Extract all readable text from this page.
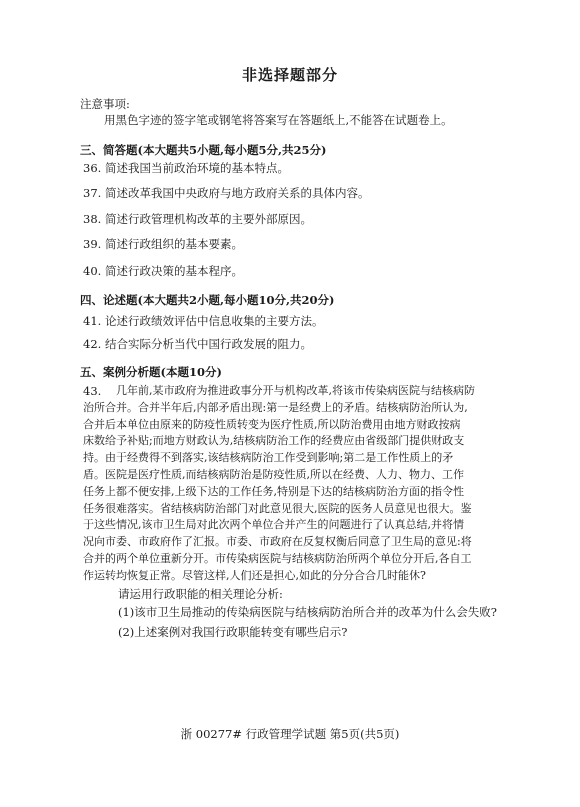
非选择题部分
注意事项:
用黑色字迹的签字笔或钢笔将答案写在答题纸上,不能答在试题卷上。
三、简答题(本大题共5小题,每小题5分,共25分)
36. 简述我国当前政治环境的基本特点。
37. 简述改革我国中央政府与地方政府关系的具体内容。
38. 简述行政管理机构改革的主要外部原因。
39. 简述行政组织的基本要素。
40. 简述行政决策的基本程序。
四、论述题(本大题共2小题,每小题10分,共20分)
41. 论述行政绩效评估中信息收集的主要方法。
42. 结合实际分析当代中国行政发展的阻力。
五、案例分析题(本题10分)
43.	几年前,某市政府为推进政事分开与机构改革,将该市传染病医院与结核病防
治所合并。合并半年后,内部矛盾出现:第一是经费上的矛盾。结核病防治所认为,
合并后本单位由原来的防疫性质转变为医疗性质,所以防治费用由地方财政按病
床数给予补贴;而地方财政认为,结核病防治工作的经费应由省级部门提供财政支
持。由于经费得不到落实,该结核病防治工作受到影响;第二是工作性质上的矛
盾。医院是医疗性质,而结核病防治是防疫性质,所以在经费、人力、物力、工作
任务上都不便安排,上级下达的工作任务,特别是下达的结核病防治方面的指令性
任务很难落实。省结核病防治部门对此意见很大,医院的医务人员意见也很大。鉴
于这些情况,该市卫生局对此次两个单位合并产生的问题进行了认真总结,并将情
况向市委、市政府作了汇报。市委、市政府在反复权衡后同意了卫生局的意见:将
合并的两个单位重新分开。市传染病医院与结核病防治所两个单位分开后,各自工
作运转均恢复正常。尽管这样,人们还是担心,如此的分分合合几时能休?
请运用行政职能的相关理论分析:
(1)该市卫生局推动的传染病医院与结核病防治所合并的改革为什么会失败?
(2)上述案例对我国行政职能转变有哪些启示?
浙 00277# 行政管理学试题 第5页(共5页)
